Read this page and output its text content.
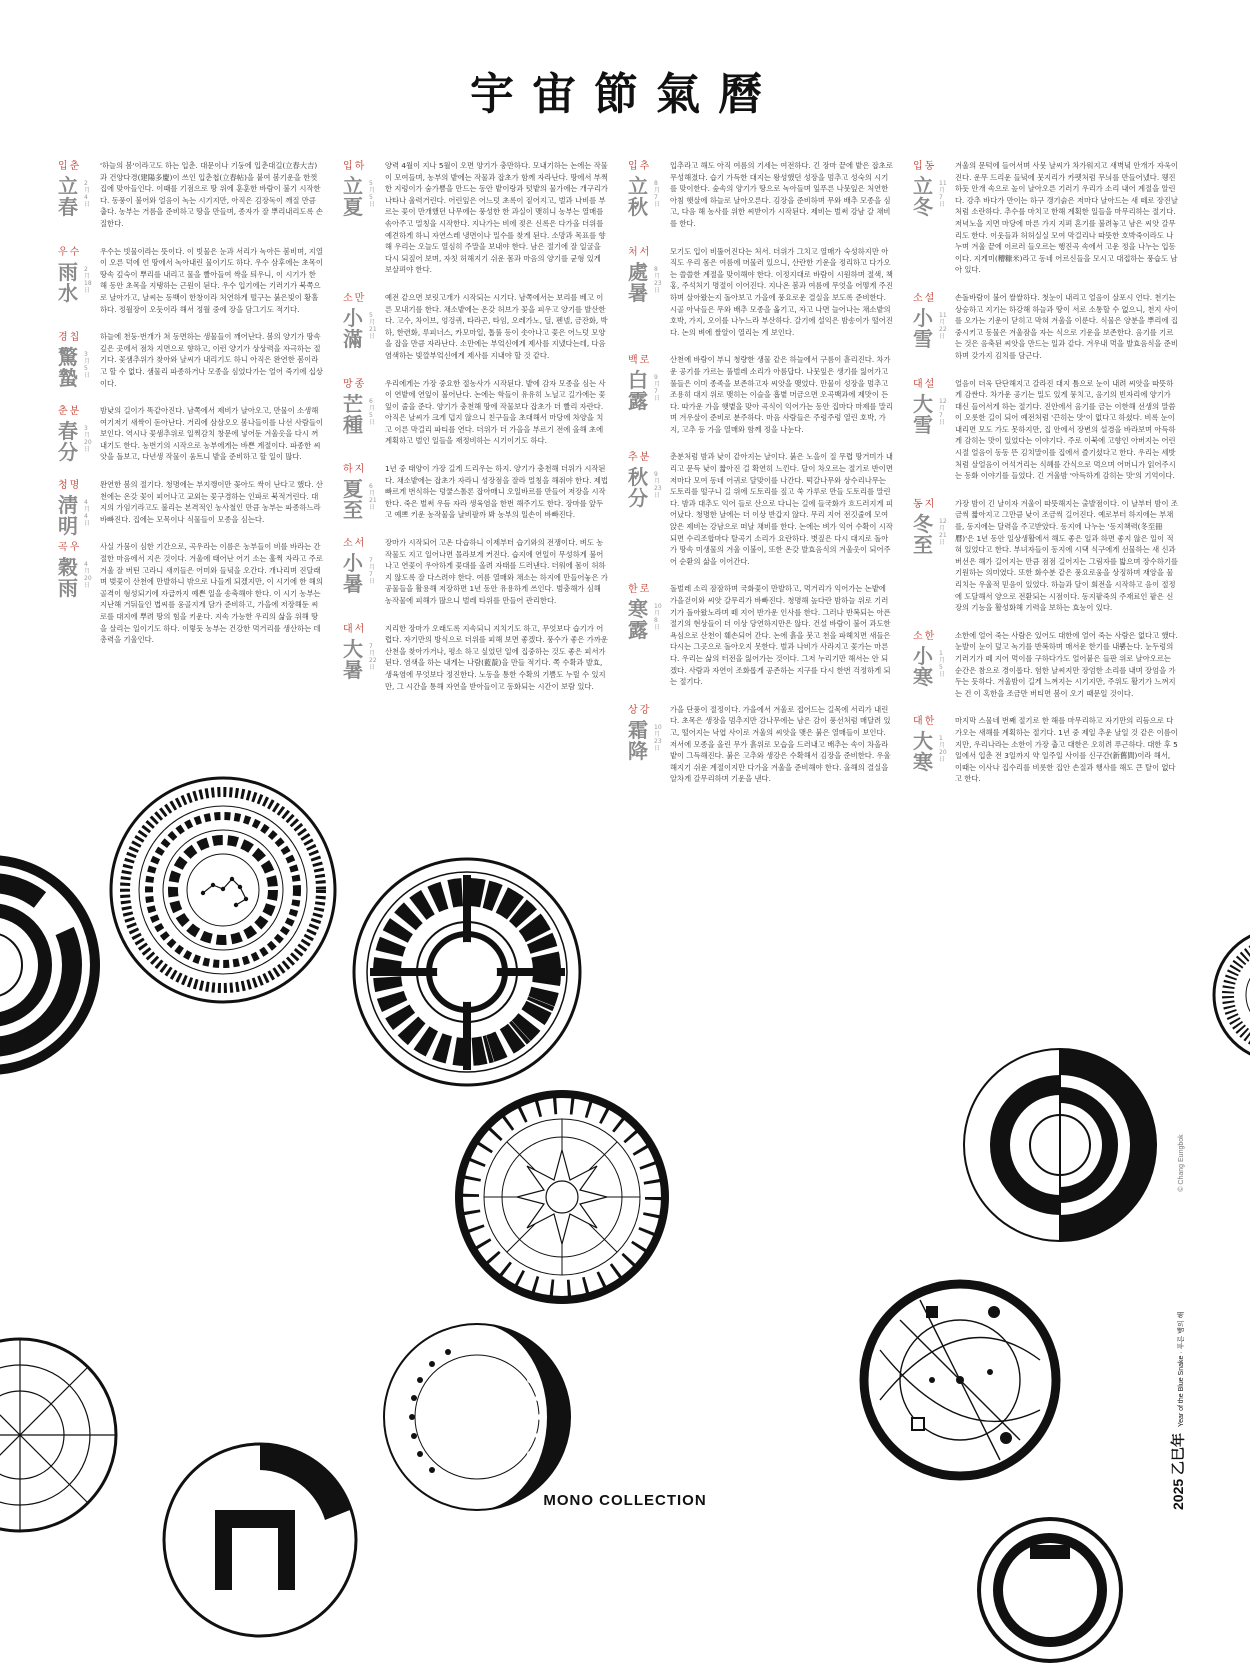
宇宙節氣曆
입춘
立春
2月4日

'하늘의 봄'이라고도 하는 입춘. 대문이나 기둥에 입춘대길(立春大吉)과 건양다경(建陽多慶)이 쓰인 입춘첩(立春帖)을 붙여 봄기운을 한껏 집에 맞아들인다. 이때를 기점으로 땅 위에 훈훈한 바람이 불기 시작한다. 동풍이 불어와 얼음이 녹는 시기지만, 아직은 김장독이 깨질 만큼 춥다. 농부는 거름을 준비하고 땅을 만들며, 종자가 잘 뿌리내리도록 손질한다.

우수
雨水
2月18日

우수는 빗물이라는 뜻이다. 이 빗물은 눈과 서리가 녹아든 봄비며, 지열이 오른 덕에 언 땅에서 녹아내린 물이기도 하다. 우수 삼후에는 초목이 땅속 깊숙이 뿌리를 내리고 물을 빨아들여 싹을 틔우니, 이 시기가 한 해 동안 초목을 지탱하는 근원이 된다. 우수 입기에는 기러기가 북쪽으로 날아가고, 날씨는 동백이 한창이라 처연하게 떨구는 붉은빛이 황홀하다. 정월장이 오듯이라 해서 정월 중에 장을 담그기도 적기다.

경칩
驚蟄
3月5日

하늘에 천둥·번개가 쳐 동면하는 생물들이 깨어난다. 봄의 양기가 땅속 깊은 곳에서 점차 지면으로 향하고, 이런 양기가 상상력을 자극하는 절기다. 꽃샘추위가 찾아와 날씨가 내리기도 하니 아직은 완연한 봄이라고 할 수 없다. 샘물리 파종하거나 모종을 심었다가는 얼어 죽기에 십상이다.

춘분
春分
3月20日

밤낮의 길이가 똑같아진다. 남쪽에서 제비가 날아오고, 만물이 소생해 여기저기 새싹이 돋아난다. 거리에 삼삼오오 봄나들이를 나선 사람들이 보인다. 역시나 꽃샘추위로 일찍감치 창문에 넣어둔 겨울옷을 다시 꺼내기도 한다. 농번기의 시작으로 농부에게는 바쁜 계절이다. 파종한 씨앗을 돌보고, 다년생 작물이 움트니 밭을 준비하고 할 일이 많다.

청명
淸明
4月4日

완연한 봄의 절기다. 청명에는 부지깽이만 꽂아도 싹이 난다고 했다. 산천에는 온갖 꽃이 피어나고 교외는 꽃구경하는 인파로 북적거린다. 대지의 가임기라고도 불리는 본격적인 농사철인 만큼 농부는 파종하느라 바빠진다. 집에는 모목이나 식물들이 모종을 심는다.

곡우
穀雨
4月20日

사실 가뭄이 심한 기간으로, 곡우라는 이름은 농부들이 비를 바라는 간절한 마음에서 지은 것이다. 겨울에 태어난 어기 소는 훌쩍 자라고 주로 겨울 잘 버틴 고라니 새끼들은 어미와 들녘을 오간다. 개나리며 진달래며 벚꽃이 산천에 만발하니 밖으로 나들게 되겠지만, 이 시기에 한 해의 골격이 형성되기에 자급까지 예쁜 일을 송축해야 한다. 이 시기 농부는 지난해 거둬들인 볍씨를 웅골지게 담가 준비하고, 가을에 저장해둔 씨로를 대지에 뿌려 땅의 힘을 키운다. 지속 가능한 우리의 삶을 위해 땅을 살리는 일이기도 하다. 이렇듯 농부는 건강한 먹거리를 생산하는 데 총력을 기울인다.

입하
立夏
5月5日

양력 4월이 지나 5월이 오면 양기가 충만하다. 모내기하는 논에는 작물이 모여들며, 농부의 밭에는 작물과 잡초가 함께 자라난다. 땅에서 부쩍한 지렁이가 숨가쁨을 만드는 동안 밭이랑과 텃밭의 물가에는 개구리가 나타나 울력거린다. 어린잎은 어느덧 초록이 짙어지고, 벌과 나비를 부르는 꽃이 만개했던 나무에는 풍성한 한 과실이 맺히니 농부는 열매를 솎아주고 멀칭을 시작한다. 지나가는 비에 젖은 신록은 다가올 더위를 예견하게 하니 자연스레 냉면이나 밀수를 찾게 된다. 소망과 목표를 향해 우리는 오늘도 열심히 주말을 보내야 한다. 남은 절기에 잘 일굴을 다시 되짚어 보며, 자칫 허해지기 쉬운 몸과 마음의 양기를 균형 있게 보살펴야 한다.

소만
小滿
5月21日

예전 같으면 보릿고개가 시작되는 시기다. 남쪽에서는 보리를 베고 이른 모내기를 한다. 채소밭에는 온갖 허브가 꽃을 피우고 양기를 발산한다. 고수, 차이브, 엉겅퀴, 타라곤, 타임, 오레가노, 딜, 펜넬, 금잔화, 박하, 한련화, 루피너스, 카모마일, 톱풀 등이 솟아나고 꽃은 어느덧 모양을 잡을 만큼 자라난다. 소만에는 부엌신에게 제사를 지냈다는데, 다음 염색하는 빛깔부엌신에게 제사를 지내야 할 것 같다.

망종
芒種
6月5日

우리에게는 가장 중요한 절농사가 시작된다. 밭에 감자 모종을 심는 사이 연밭에 연잎이 불어난다. 논에는 학들이 유유히 노닐고 길가에는 꽃잎이 줄을 준다. 양기가 충천해 땅에 작물보다 잡초가 더 빨리 자란다. 아직은 날씨가 크게 덥지 않으니 친구들을 초대해서 마당에 차양을 치고 이른 막걸리 파티를 연다. 더위가 더 가을을 부르기 전에 올해 초에 계획하고 벌인 일들을 재정비하는 시기이기도 하다.

하지
夏至
6月21日

1년 중 태양이 가장 길게 드리우는 하지. 양기가 충천해 더위가 시작된다. 채소밭에는 잡초가 자라니 성장점을 잘라 멀칭을 해줘야 한다. 제법 빠르게 번식하는 덩쿨스톨론 잡아매니 오일바르를 만들어 저장을 시작한다. 죽은 벌써 우듬 자라 생육염을 한번 해주기도 한다. 장마를 앞두고 예쁘 키운 농작물을 날비팔까 봐 농부의 일손이 바빠진다.

소서
小暑
7月7日

장마가 시작되어 고온 다습하니 이제부터 습기와의 전쟁이다. 벼도 농작물도 지고 일어나면 몰라보게 커진다. 습지에 연일이 무성하게 불어나고 연꽃이 우아하게 꽃대를 올려 자태를 드러낸다. 더워에 몸이 허하지 않도록 잘 다스려야 한다. 여름 열매와 채소는 하지에 만들어놓은 가공물들을 활용해 저장하면 1년 동안 유용하게 쓰인다. 범충해가 심해 농작물에 피해가 많으니 벌레 타위를 만들어 관리한다.

대서
大暑
7月22日

지리한 장마가 오래도록 지속되니 지치기도 하고, 무엇보다 습기가 어렵다. 자기만의 방식으로 더위를 피해 보면 좋겠다. 풍수가 좋은 가까운 산천을 찾아가거나, 평소 하고 싶었던 일에 집중하는 것도 좋은 피서가 된다. 염색을 하는 내게는 나람(藍靛)을 만들 적기다. 쪽 수확과 발효, 생육염에 무엇보다 정진한다. 노동을 통한 수확의 기쁨도 누릴 수 있지만, 그 시간을 통해 자연을 받아들이고 동화되는 시간이 보람 있다.

입추
立秋
8月7日

입추라고 해도 아직 여름의 기세는 여전하다. 긴 장마 끝에 밭은 잡초로 무성해졌다. 습기 가득한 대지는 왕성했던 성장을 멈추고 성숙의 시기를 맞이한다. 숲속의 양기가 땅으로 녹아들며 잎푸른 나뭇잎은 처연한 아침 햇살에 하늘로 날아오른다. 김장을 준비하며 무와 배추 모종을 심고, 다음 해 농사를 위한 씨받이가 시작된다. 제비는 벌써 강남 갈 채비를 한다.

처서
處暑
8月23日

모기도 입이 비뚤어진다는 처서. 더위가 그치고 열매가 숙성하지만 아직도 우리 몸은 여름에 머물러 있으니, 산란한 기운을 정리하고 다가오는 쓸쓸한 계절을 맞이해야 한다. 이정지대로 바람이 시원하며 절색, 책홍, 주석처기 명절이 이어진다. 지나온 봄과 여름에 무엇을 어떻게 주진하며 살아왔는지 돌아보고 가을에 풍요로운 결실을 보도록 준비한다. 시골 아낙들은 무와 배추 모종을 옮기고, 자고 나면 늘어나는 채소밭의 호박, 가지, 오이를 나누느라 부산하다. 갈기에 설익은 밤송이가 떨어진다. 논의 벼에 쌀알이 열리는 게 보인다.

백로
白露
9月7日

산천에 바람이 부니 청량한 생물 같은 하늘에서 구름이 흩리진다. 차가운 공기를 가르는 풀벌레 소리가 아름답다. 나뭇잎은 생기를 잃어가고 풀들은 이미 종족을 보존하고자 씨앗을 맺었다. 만물이 성장을 멈추고 조용히 대지 위로 맺히는 이슬을 흡볕 머금으면 오곡백과에 제맛이 든다. 따가운 가을 햇볕을 맞아 곡식이 익어가는 동안 집마다 마제를 말리며 겨우살이 준비로 분주하다. 마음 사람들은 주렁주렁 열린 호박, 가지, 고추 등 가을 열매와 함께 정을 나눈다.

추분
秋分
9月23日

춘분처럼 밤과 낮이 같아지는 날이다. 붉은 노을이 질 무렵 땅거미가 내리고 문득 낮이 짧아진 걸 확연히 느낀다. 달이 차오르는 절기로 반이면 저마다 모여 동네 어귀로 달맞이를 나간다. 떡갈나무와 상수리나무는 도토리를 떨구니 길 위에 도토리를 짚고 쑥 가루로 만들 도토리를 말린다. 밤과 대추도 익어 들로 산으로 다니는 길에 들국화가 흐드러지게 피어났다. 청명한 날에는 더 이상 반갑지 않다. 무리 지어 전깃줄에 모여 앉은 제비는 강남으로 떠날 채비를 한다. 논에는 벼가 익어 수확이 시작되면 수리조합마다 탈곡기 소리가 요란하다. 볏짚은 다시 대지로 돌아가 땅속 미생물의 겨울 이불이, 또한 온갖 발효음식의 겨울옷이 되어주어 순환의 삶을 이어간다.

한로
寒露
10月8日

돌벌레 소리 잠잠하며 국화꽃이 만발하고, 먹거리가 익어가는 논밭에 가을걷이와 씨앗 갈무리가 바빠진다. 청명해 높다란 밤하늘 위로 기러기가 돌아왔노라며 떼 지어 반가운 인사를 한다. 그러나 반복되는 아픈 절기의 현상들이 더 이상 당연하지만은 않다. 건설 바람이 불어 과도한 욕심으로 산천이 훼손되어 간다. 논에 흙을 붓고 천을 파헤치면 새들은 다시는 그곳으로 돌아오지 못한다. 벌과 나비가 사라지고 꽃가는 마른다. 우리는 삶의 터전을 잃어가는 것이다. 그저 누리기만 해서는 안 되겠다. 사람과 자연이 조화롭게 공존하는 지구를 다시 한번 걱정하게 되는 절기다.

상강
霜降
10月23日

가을 단풍이 절정이다. 가을에서 겨울로 접어드는 길목에 서리가 내린다. 초목은 생장을 멈추지만 감나무에는 남은 감이 풍선처럼 매달려 있고, 떨어지는 낙엽 사이로 겨울의 씨앗을 맺은 붉은 열매들이 보인다. 저서에 모종을 올린 무가 흙위로 모습을 드러내고 배추는 속이 차올라 밭이 그득해진다. 붉은 고추와 생강은 수확해서 김장을 준비한다. 우울해지기 쉬운 계절이지만 다가올 겨울을 준비해야 한다. 올해의 결실을 알차게 갈무리하며 기운을 낸다.

입동
立冬
11月7日

겨울의 문턱에 들어서며 사뭇 날씨가 차가워지고 새벽녘 안개가 자욱이진다. 운무 드리운 들녘에 뭇지리가 카펫처럼 무늬를 만들어냈다. 웽진하듯 안개 속으로 높이 날아오른 기러기 우리가 소리 내어 계절을 알린다. 강추 바다가 만이는 하구 갱기슭은 저마다 날아드는 새 떼로 장진날처럼 소란하다. 추수를 마치고 한해 계획한 일들을 마무리하는 절기다. 저녁노을 지면 마당에 마른 가지 지펴 혼기를 불려놓고 남은 씨앗 갈무리도 한다. 이웃들과 허허실실 모여 막걸리나 따뜻한 호박죽이라도 나누며 겨울 끝에 이르러 들오르는 행진곡 속에서 고운 정을 나누는 입동이다. 지게미(糟糠米)라고 동네 어르신들을 모시고 대접하는 풍습도 남아 있다.

소설
小雪
11月22日

손돌바람이 불어 쌀쌀하다. 첫눈이 내리고 얼음이 살포시 언다. 천기는 상승하고 지기는 하강해 하늘과 땅이 서로 소통할 수 없으니, 천지 사이를 오가는 기운이 닫히고 막혀 겨울을 이룬다. 식물은 양분을 뿌리에 집중시키고 동물은 겨울잠을 자는 식으로 기운을 보존한다. 옴기를 기르는 것은 음축된 씨앗을 만드는 일과 같다. 겨우내 먹을 발효음식을 준비하며 갖가지 김치를 담근다.

대설
大雪
12月7日

얼음이 더욱 단단해지고 갈라진 대지 틈으로 눈이 내려 씨앗을 따뜻하게 감싼다. 차가운 공기는 밀도 있게 뭉치고, 음기의 빈자리에 양기가 대신 들어서게 하는 절기다. 진안에서 옴기를 금는 이한해 선생의 말씀이 오롯한 길이 되어 예전처럼 '끈히는 맛'이 없다고 하셨다. 비록 눈이 내리면 모도 가도 못하지만, 집 안에서 장변의 설경을 바라보며 아득하게 감히는 맛이 있었다는 이야기다. 주로 이북에 고향인 아버지는 어린 시절 얼음이 동동 뜬 김치말이를 집에서 즐기셨다고 한다. 우리는 세밧처럼 살얼음이 어석거리는 식혜를 간식으로 먹으며 어머니가 읽어주시는 동화 이야기를 들었다. 긴 겨울밤 '아득하게 감히는 맛'의 기억이다.

동지
冬至
12月21日

가장 밤이 긴 날이자 겨울이 따뜻해지는 출발점이다. 이 날부터 밤이 조금씩 짧아지고 그만큼 낮이 조금씩 길어진다. 예로부터 하지에는 부채를, 동지에는 달력을 주고받았다. 동지에 나누는 '동지책력(冬至冊曆)'은 1년 동안 일상생활에서 해도 좋은 일과 하면 좋지 않은 일이 적혀 있었다고 한다. 부녀자들이 동지에 시댁 식구에게 선물하는 새 신과 버선은 해가 길어지는 만큼 점점 길어지는 그림자를 밟으며 장수하기를 기원하는 의미였다. 또한 화수분 같은 풍요로움을 상징하며 재앙을 물리치는 우울적 믿음이 있었다. 하늘과 달이 회전을 시작하고 음이 절정에 도달해서 양으로 전환되는 시점이다. 동지팥죽의 주재료인 팥은 신장의 기능을 활성화해 기력을 보하는 효능이 있다.

소한
小寒
1月5日

소한에 얼어 죽는 사람은 있어도 대한에 얼어 죽는 사람은 없다고 했다. 눈발이 눈이 덮고 녹기를 반복하며 매서운 한기를 내뿜는다. 눈두렁의 기러기가 떼 지어 먹이를 구하다가도 얼어붙은 들판 위로 날아오르는 순간은 참으로 경이롭다. 험한 날씨지만 장엄한 소리를 내며 장엄을 가두는 듯하다. 겨울밤이 길게 느껴지는 시기지만, 주위도 활기가 느껴지는 건 이 혹한을 조금만 버티면 봄이 오기 때문일 것이다.

대한
大寒
1月20日

마지막 스물네 번째 절기로 한 해를 마무리하고 자기만의 리듬으로 다가오는 새해를 계획하는 절기다. 1년 중 제일 추운 날일 것 같은 이름이지만, 우리나라는 소한이 가장 춥고 대한은 오히려 푸근하다. 대한 후 5일에서 입춘 전 3일까지 약 일주일 사이를 신구간(新舊間)이라 해서, 이때는 이사나 집수리를 비롯한 집안 손질과 행사를 해도 큰 탈이 없다고 한다.

MONO COLLECTION	2025 乙巳年Year of the Blue Snake · 푸른 뱀의 해© Chang Eungbok
